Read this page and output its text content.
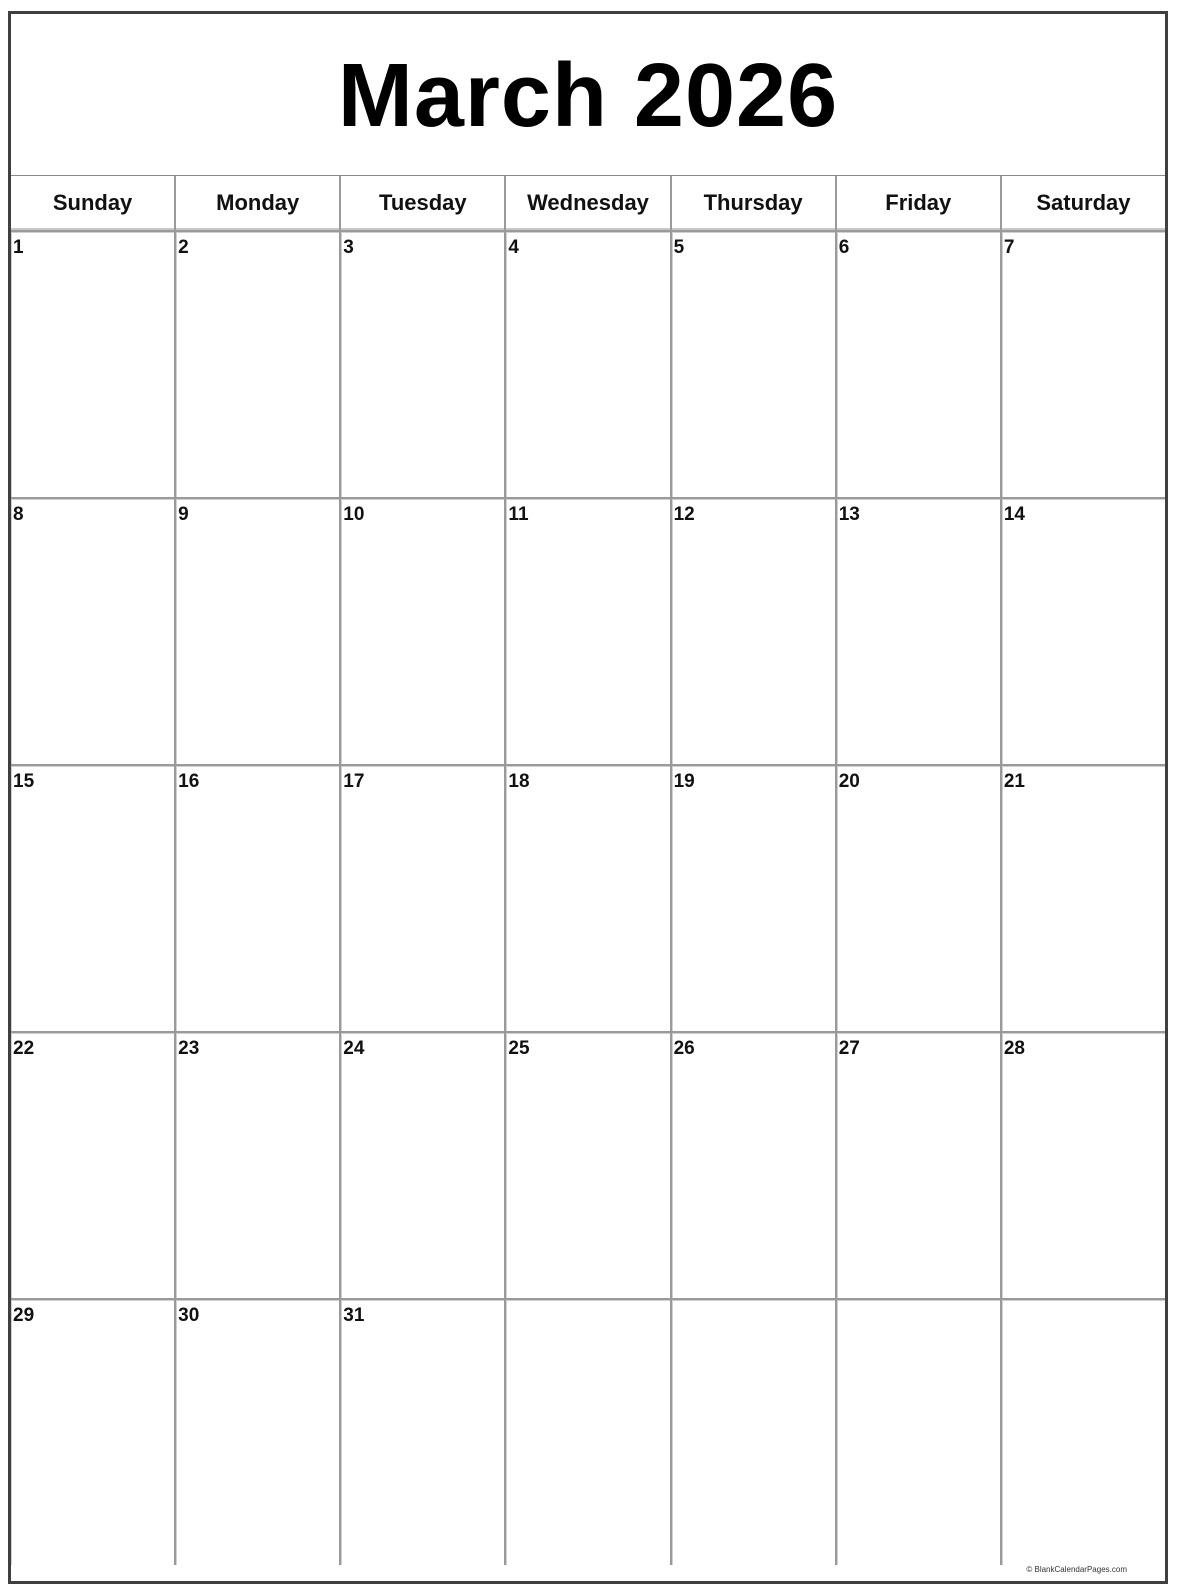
March 2026
Sunday	Monday	Tuesday	Wednesday	Thursday	Friday	Saturday
1	2	3	4	5	6	7
8	9	10	11	12	13	14
15	16	17	18	19	20	21
22	23	24	25	26	27	28
29	30	31
© BlankCalendarPages.com
